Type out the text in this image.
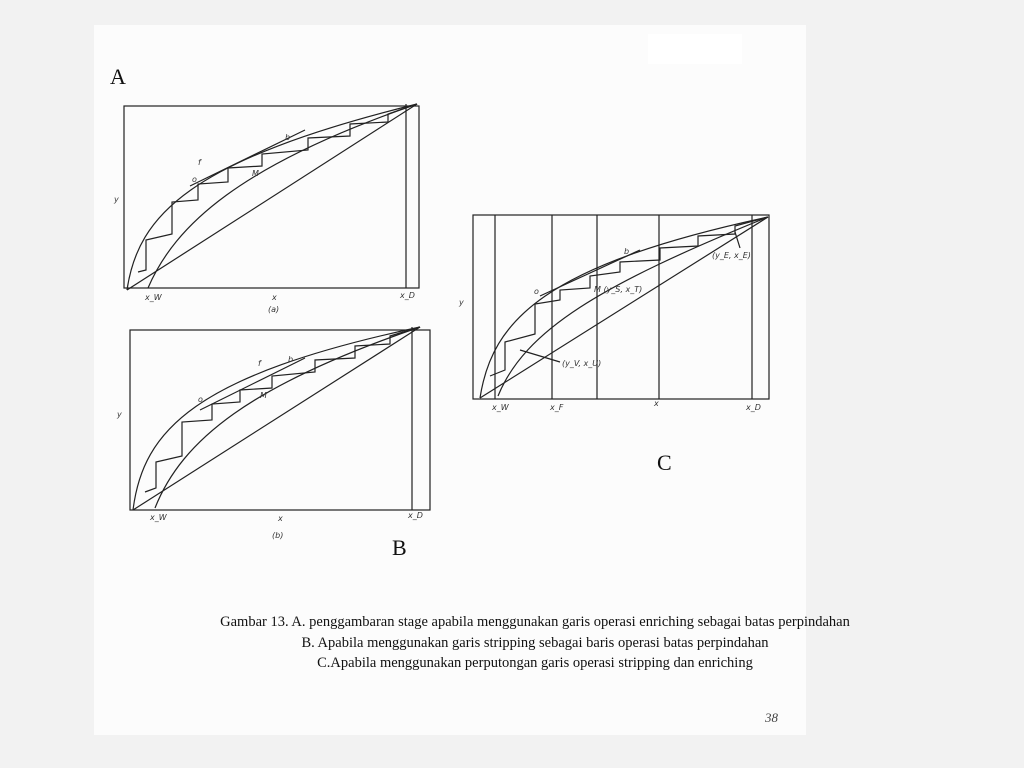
A
B
C
y
x
(a)
x_W	x_D
f
o
b
M
y
x
(b)
x_W	x_D
f
o
b
M
y
x
x_W	x_F	x_D
o
b
M (y_S, x_T)
(y_E, x_E)
(y_V, x_U)
Gambar 13. A. penggambaran stage apabila menggunakan garis operasi enriching sebagai batas perpindahan
B. Apabila menggunakan garis stripping sebagai baris operasi batas perpindahan
C.Apabila menggunakan perputongan garis operasi stripping dan enriching
38
